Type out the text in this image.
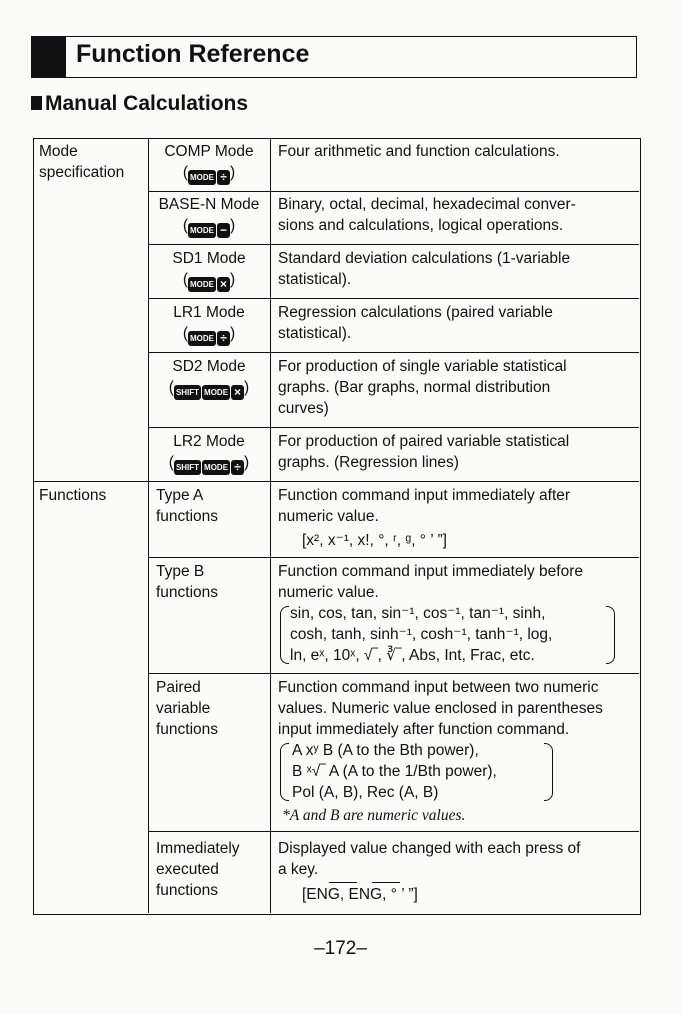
Function Reference
Manual Calculations
Mode
specification
COMP Mode
( MODE ÷ )
Four arithmetic and function calculations.
BASE-N Mode
( MODE − )
Binary, octal, decimal, hexadecimal conver-
sions and calculations, logical operations.
SD1 Mode
( MODE × )
Standard deviation calculations (1-variable
statistical).
LR1 Mode
( MODE ÷ )
Regression calculations (paired variable
statistical).
SD2 Mode
( SHIFT MODE × )
For production of single variable statistical
graphs. (Bar graphs, normal distribution
curves)
LR2 Mode
( SHIFT MODE ÷ )
For production of paired variable statistical
graphs. (Regression lines)
Functions	Type A
functions
Function command input immediately after
numeric value.
[x², x⁻¹, x!, °, ʳ, ᵍ, ° ’ ”]
Type B
functions
Function command input immediately before
numeric value.
sin, cos, tan, sin⁻¹, cos⁻¹, tan⁻¹, sinh,
cosh, tanh, sinh⁻¹, cosh⁻¹, tanh⁻¹, log,
ln, eˣ, 10ˣ, √‾, ∛‾, Abs, Int, Frac, etc.
Paired
variable
functions
Function command input between two numeric
values. Numeric value enclosed in parentheses
input immediately after function command.
A xʸ B (A to the Bth power),
B ˣ√‾ A (A to the 1/Bth power),
Pol (A, B), Rec (A, B)
*A and B are numeric values.
Immediately
executed
functions
Displayed value changed with each press of
a key.
[ENG, ENG, ° ’ ”]
–172–
